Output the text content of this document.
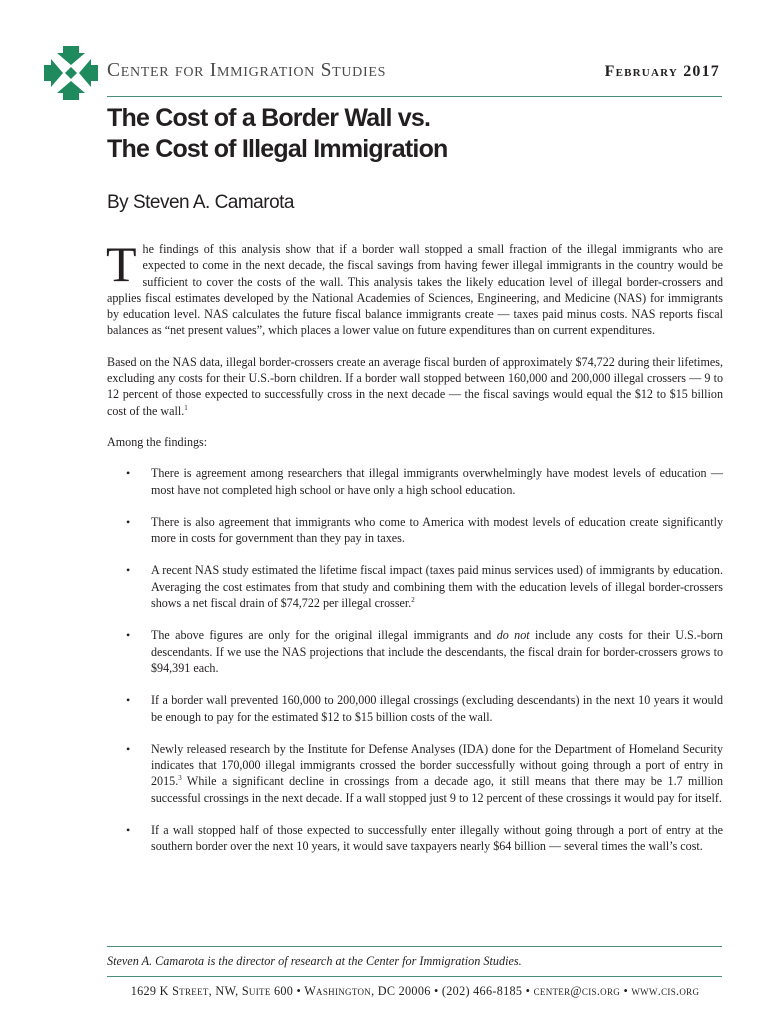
Center for Immigration Studies	February 2017
The Cost of a Border Wall vs.
The Cost of Illegal Immigration
By Steven A. Camarota

The findings of this analysis show that if a border wall stopped a small fraction of the illegal immigrants who are expected to come in the next decade, the fiscal savings from having fewer illegal immigrants in the country would be sufficient to cover the costs of the wall. This analysis takes the likely education level of illegal border-crossers and applies fiscal estimates developed by the National Academies of Sciences, Engineering, and Medicine (NAS) for immigrants by education level. NAS calculates the future fiscal balance immigrants create — taxes paid minus costs. NAS reports fiscal balances as “net present values”, which places a lower value on future expenditures than on current expenditures.

Based on the NAS data, illegal border-crossers create an average fiscal burden of approximately $74,722 during their lifetimes, excluding any costs for their U.S.-born children. If a border wall stopped between 160,000 and 200,000 illegal crossers — 9 to 12 percent of those expected to successfully cross in the next decade — the fiscal savings would equal the $12 to $15 billion cost of the wall.$^1$

Among the findings:

• There is agreement among researchers that illegal immigrants overwhelmingly have modest levels of education — most have not completed high school or have only a high school education.
• There is also agreement that immigrants who come to America with modest levels of education create significantly more in costs for government than they pay in taxes.
• A recent NAS study estimated the lifetime fiscal impact (taxes paid minus services used) of immigrants by education. Averaging the cost estimates from that study and combining them with the education levels of illegal border-crossers shows a net fiscal drain of $74,722 per illegal crosser.$^2$
• The above figures are only for the original illegal immigrants and do not include any costs for their U.S.-born descendants. If we use the NAS projections that include the descendants, the fiscal drain for border-crossers grows to $94,391 each.
• If a border wall prevented 160,000 to 200,000 illegal crossings (excluding descendants) in the next 10 years it would be enough to pay for the estimated $12 to $15 billion costs of the wall.
• Newly released research by the Institute for Defense Analyses (IDA) done for the Department of Homeland Security indicates that 170,000 illegal immigrants crossed the border successfully without going through a port of entry in 2015.$^3$ While a significant decline in crossings from a decade ago, it still means that there may be 1.7 million successful crossings in the next decade. If a wall stopped just 9 to 12 percent of these crossings it would pay for itself.
• If a wall stopped half of those expected to successfully enter illegally without going through a port of entry at the southern border over the next 10 years, it would save taxpayers nearly $64 billion — several times the wall’s cost.
Steven A. Camarota is the director of research at the Center for Immigration Studies.
1629 K Street, NW, Suite 600 • Washington, DC 20006 • (202) 466-8185 • center@cis.org • www.cis.org
